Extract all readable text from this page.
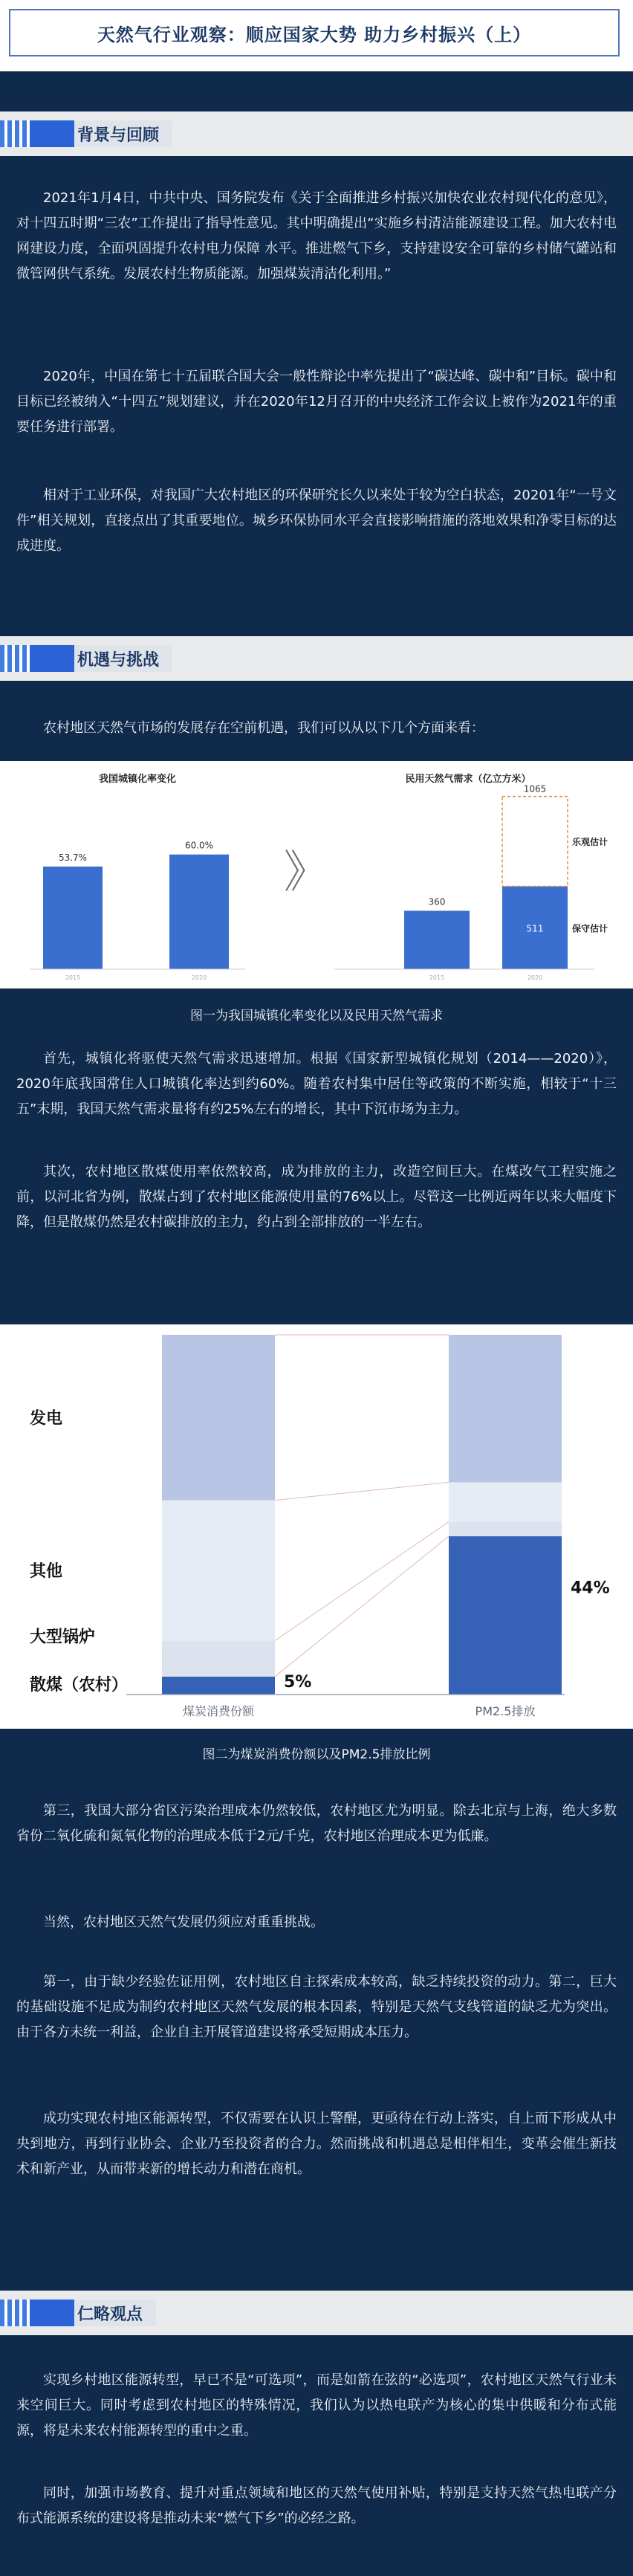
天然气行业观察：顺应国家大势 助力乡村振兴（上）
背景与回顾

2021年1月4日，中共中央、国务院发布《关于全面推进乡村振兴加快农业农村现代化的意见》，对十四五时期“三农”工作提出了指导性意见。其中明确提出“实施乡村清洁能源建设工程。加大农村电网建设力度，全面巩固提升农村电力保障 水平。推进燃气下乡，支持建设安全可靠的乡村储气罐站和微管网供气系统。发展农村生物质能源。加强煤炭清洁化利用。”

2020年，中国在第七十五届联合国大会一般性辩论中率先提出了“碳达峰、碳中和”目标。碳中和目标已经被纳入“十四五”规划建议，并在2020年12月召开的中央经济工作会议上被作为2021年的重要任务进行部署。

相对于工业环保，对我国广大农村地区的环保研究长久以来处于较为空白状态，20201年“一号文件”相关规划，直接点出了其重要地位。城乡环保协同水平会直接影响措施的落地效果和净零目标的达成进度。

机遇与挑战

农村地区天然气市场的发展存在空前机遇，我们可以从以下几个方面来看：

我国城镇化率变化
53.7%
2015
60.0%
2020
》
民用天然气需求（亿立方米）
360
2015
1065
511
乐观估计
保守估计
2020
图一为我国城镇化率变化以及民用天然气需求

首先，城镇化将驱使天然气需求迅速增加。根据《国家新型城镇化规划（2014——2020）》，2020年底我国常住人口城镇化率达到约60%。随着农村集中居住等政策的不断实施，相较于“十三五”末期，我国天然气需求量将有约25%左右的增长，其中下沉市场为主力。

其次，农村地区散煤使用率依然较高，成为排放的主力，改造空间巨大。在煤改气工程实施之前，以河北省为例，散煤占到了农村地区能源使用量的76%以上。尽管这一比例近两年以来大幅度下降，但是散煤仍然是农村碳排放的主力，约占到全部排放的一半左右。

煤炭消费份额	PM2.5排放
散煤（农村）
大型锅炉
其他
发电
5%
44%
图二为煤炭消费份额以及PM2.5排放比例

第三，我国大部分省区污染治理成本仍然较低，农村地区尤为明显。除去北京与上海，绝大多数省份二氧化硫和氮氧化物的治理成本低于2元/千克，农村地区治理成本更为低廉。

当然，农村地区天然气发展仍须应对重重挑战。

第一，由于缺少经验佐证用例，农村地区自主探索成本较高，缺乏持续投资的动力。第二，巨大的基础设施不足成为制约农村地区天然气发展的根本因素，特别是天然气支线管道的缺乏尤为突出。由于各方未统一利益，企业自主开展管道建设将承受短期成本压力。

成功实现农村地区能源转型，不仅需要在认识上警醒，更亟待在行动上落实，自上而下形成从中央到地方，再到行业协会、企业乃至投资者的合力。然而挑战和机遇总是相伴相生，变革会催生新技术和新产业，从而带来新的增长动力和潜在商机。

仁略观点

实现乡村地区能源转型，早已不是“可选项”，而是如箭在弦的“必选项”，农村地区天然气行业未来空间巨大。同时考虑到农村地区的特殊情况，我们认为以热电联产为核心的集中供暖和分布式能源，将是未来农村能源转型的重中之重。

同时，加强市场教育、提升对重点领域和地区的天然气使用补贴，特别是支持天然气热电联产分布式能源系统的建设将是推动未来“燃气下乡”的必经之路。
